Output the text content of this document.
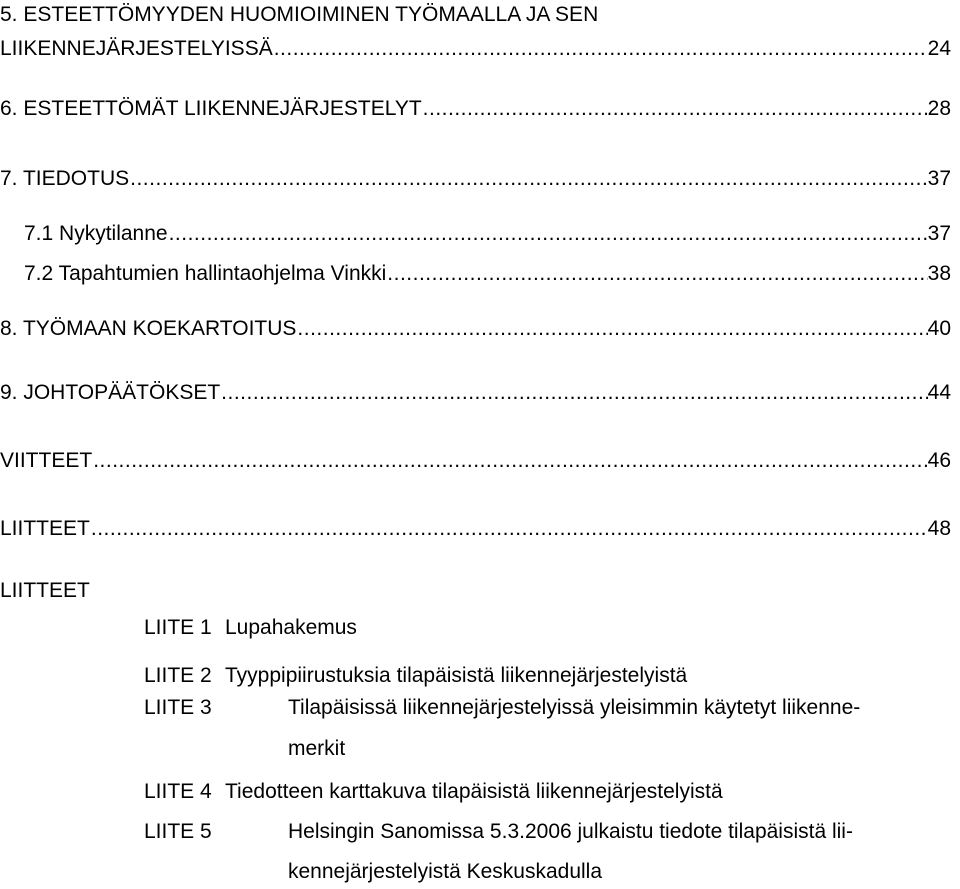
5. ESTEETTÖMYYDEN HUOMIOIMINEN TYÖMAALLA JA SEN
LIIKENNEJÄRJESTELYISSÄ .....	24
6. ESTEETTÖMÄT LIIKENNEJÄRJESTELYT .....	28
7. TIEDOTUS .....	37
7.1 Nykytilanne .....	37
7.2 Tapahtumien hallintaohjelma Vinkki .....	38
8. TYÖMAAN KOEKARTOITUS .....	40
9. JOHTOPÄÄTÖKSET .....	44
VIITTEET .....	46
LIITTEET .....	48
LIITTEET
LIITE 1 Lupahakemus
LIITE 2 Tyyppipiirustuksia tilapäisistä liikennejärjestelyistä
LIITE 3	Tilapäisissä liikennejärjestelyissä yleisimmin käytetyt liikenne-
merkit
LIITE 4 Tiedotteen karttakuva tilapäisistä liikennejärjestelyistä
LIITE 5	Helsingin Sanomissa 5.3.2006 julkaistu tiedote tilapäisistä lii-
kennejärjestelyistä Keskuskadulla
